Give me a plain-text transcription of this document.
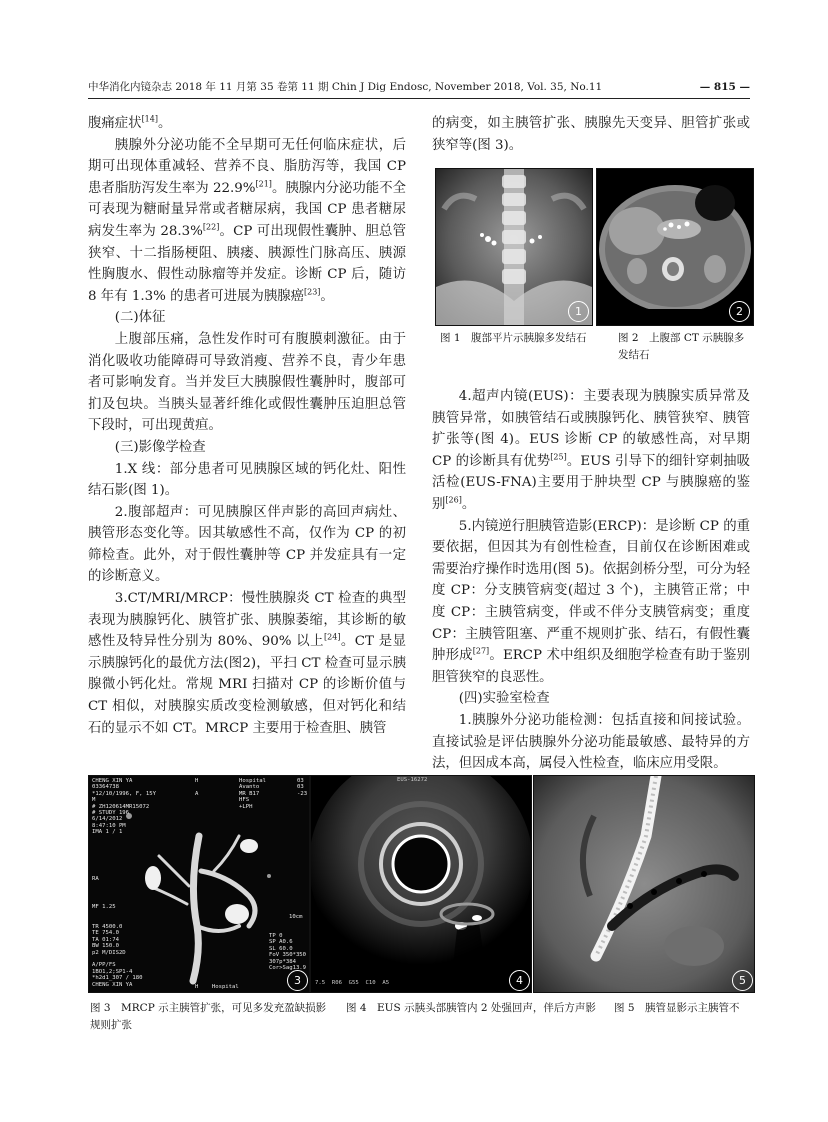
中华消化内镜杂志 2018 年 11 月第 35 卷第 11 期 Chin J Dig Endosc, November 2018, Vol. 35, No.11	— 815 —

腹痛症状[14]。

胰腺外分泌功能不全早期可无任何临床症状，后期可出现体重减轻、营养不良、脂肪泻等，我国 CP 患者脂肪泻发生率为 22.9%[21]。胰腺内分泌功能不全可表现为糖耐量异常或者糖尿病，我国 CP 患者糖尿病发生率为 28.3%[22]。CP 可出现假性囊肿、胆总管狭窄、十二指肠梗阻、胰瘘、胰源性门脉高压、胰源性胸腹水、假性动脉瘤等并发症。诊断 CP 后，随访 8 年有 1.3% 的患者可进展为胰腺癌[23]。

(二)体征

上腹部压痛，急性发作时可有腹膜刺激征。由于消化吸收功能障碍可导致消瘦、营养不良，青少年患者可影响发育。当并发巨大胰腺假性囊肿时，腹部可扪及包块。当胰头显著纤维化或假性囊肿压迫胆总管下段时，可出现黄疸。

(三)影像学检查

1.X 线：部分患者可见胰腺区域的钙化灶、阳性结石影(图 1)。

2.腹部超声：可见胰腺区伴声影的高回声病灶、胰管形态变化等。因其敏感性不高，仅作为 CP 的初筛检查。此外，对于假性囊肿等 CP 并发症具有一定的诊断意义。

3.CT/MRI/MRCP：慢性胰腺炎 CT 检查的典型表现为胰腺钙化、胰管扩张、胰腺萎缩，其诊断的敏感性及特异性分别为 80%、90% 以上[24]。CT 是显示胰腺钙化的最优方法(图2)，平扫 CT 检查可显示胰腺微小钙化灶。常规 MRI 扫描对 CP 的诊断价值与 CT 相似，对胰腺实质改变检测敏感，但对钙化和结石的显示不如 CT。MRCP 主要用于检查胆、胰管

的病变，如主胰管扩张、胰腺先天变异、胆管扩张或狭窄等(图 3)。

1	2
图 1　腹部平片示胰腺多发结石	图 2　上腹部 CT 示胰腺多发结石

4.超声内镜(EUS)：主要表现为胰腺实质异常及胰管异常，如胰管结石或胰腺钙化、胰管狭窄、胰管扩张等(图 4)。EUS 诊断 CP 的敏感性高，对早期 CP 的诊断具有优势[25]。EUS 引导下的细针穿刺抽吸活检(EUS-FNA)主要用于肿块型 CP 与胰腺癌的鉴别[26]。

5.内镜逆行胆胰管造影(ERCP)：是诊断 CP 的重要依据，但因其为有创性检查，目前仅在诊断困难或需要治疗操作时选用(图 5)。依据剑桥分型，可分为轻度 CP：分支胰管病变(超过 3 个)，主胰管正常；中度 CP：主胰管病变，伴或不伴分支胰管病变；重度 CP：主胰管阻塞、严重不规则扩张、结石，有假性囊肿形成[27]。ERCP 术中组织及细胞学检查有助于鉴别胆管狭窄的良恶性。

(四)实验室检查

1.胰腺外分泌功能检测：包括直接和间接试验。直接试验是评估胰腺外分泌功能最敏感、最特异的方法，但因成本高，属侵入性检查，临床应用受限。

CHENG XIN YA
03364738
*12/10/1996, F, 15Y
M
# ZH120614MR15072
# STUDY 196
6/14/2012
8:47:10 PM
IMA 1 / 1
H

A
Hospital
Avanto
MR B17
HFS
+LPH
03
03
-23

RA
MF 1.25
TR 4500.0
TE 754.0
TA 01:74
BW 150.0
p2 M/DIS2D

A/PP/FS
1BO1,2;SP1-4
*h2d1_307 / 180
CHENG XIN YA
TP 0
SP A0.6
SL 60.0
FoV 350*350
307p*384
Cor>Sag13.9
10cm
H    Hospital	3
EUS-16272
7.5  R06  G55  C10  A5	4	5
图 3　MRCP 示主胰管扩张，可见多发充盈缺损影　规则扩张
图 4　EUS 示胰头部胰管内 2 处强回声，伴后方声影	图 5　胰管显影示主胰管不
